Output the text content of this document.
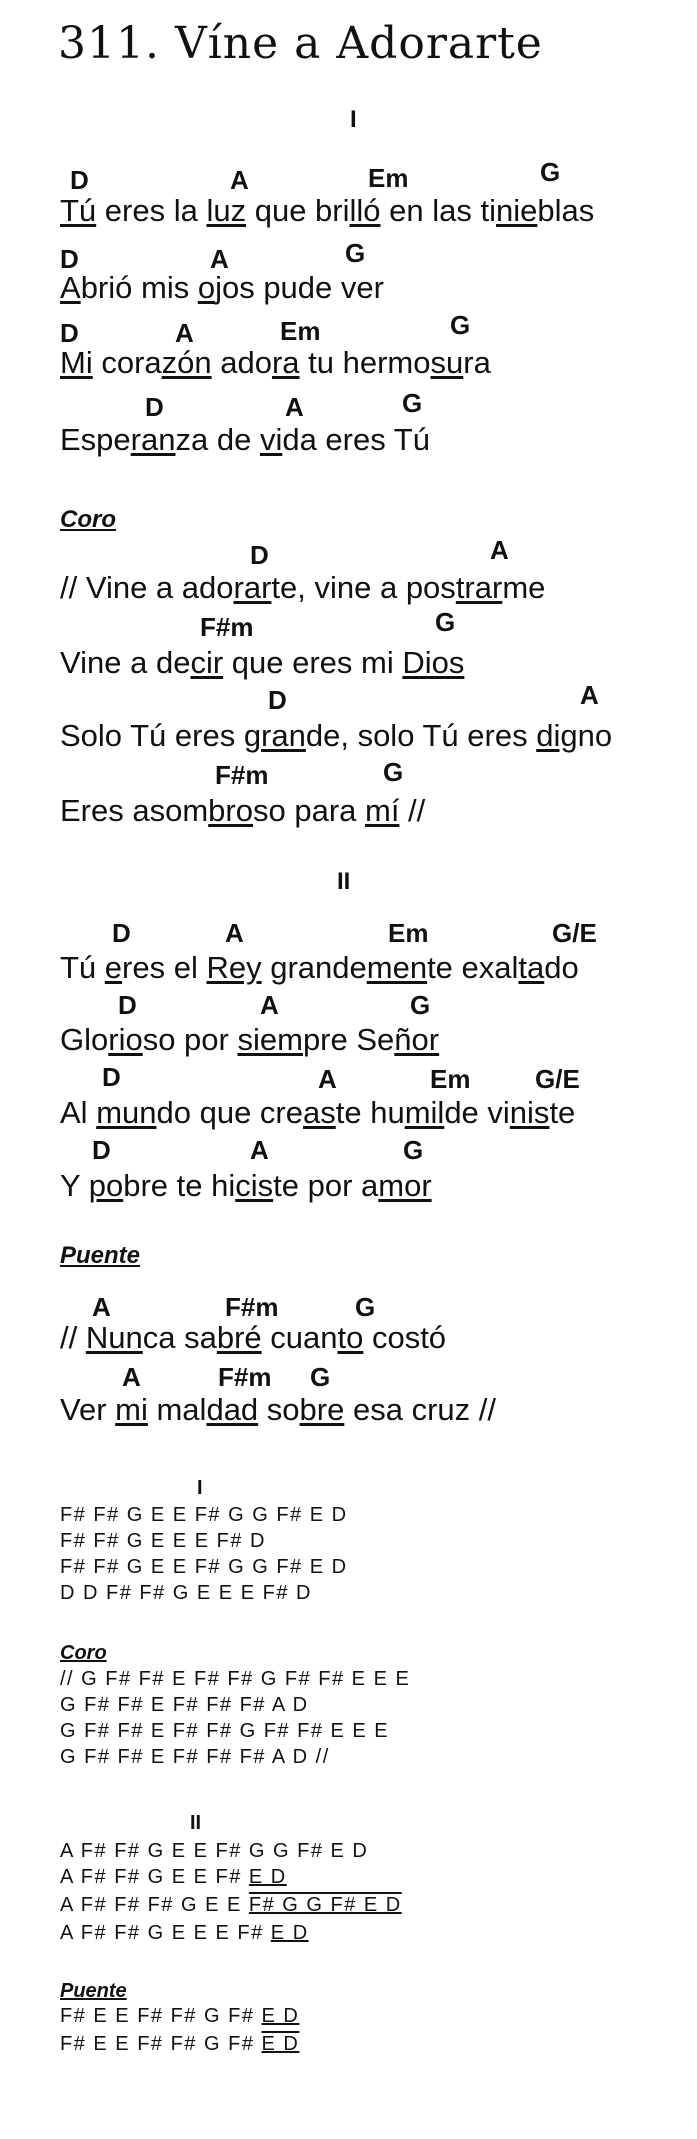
311. Víne a Adorarte
I
D	A	Em	G
Tú eres la luz que brilló en las tinieblas
D	A	G
Abrió mis ojos pude ver
D	A	Em	G
Mi corazón adora tu hermosura
D	A	G
Esperanza de vida eres Tú
Coro
D	A
// Vine a adorarte, vine a postrarme
F#m	G
Vine a decir que eres mi Dios
D	A
Solo Tú eres grande, solo Tú eres digno
F#m	G
Eres asombroso para mí //
II
D	A	Em	G/E
Tú eres el Rey grandemente exaltado
D	A	G
Glorioso por siempre Señor
D	A	Em G/E
Al mundo que creaste humilde viniste
D	A	G
Y pobre te hiciste por amor
Puente
A	F#m	G
// Nunca sabré cuanto costó
A	F#m G
Ver mi maldad sobre esa cruz //
I
F# F# G E E F# G G F# E D
F# F# G E E E F# D
F# F# G E E F# G G F# E D
D D F# F# G E E E F# D
Coro
// G F# F# E F# F# G F# F# E E E
G F# F# E F# F# F# A D
G F# F# E F# F# G F# F# E E E
G F# F# E F# F# F# A D //
II
A F# F# G E E F# G G F# E D
A F# F# G E E F# E D
A F# F# F# G E E F# G G F# E D
A F# F# G E E E F# E D
Puente
F# E E F# F# G F# E D
F# E E F# F# G F# E D
